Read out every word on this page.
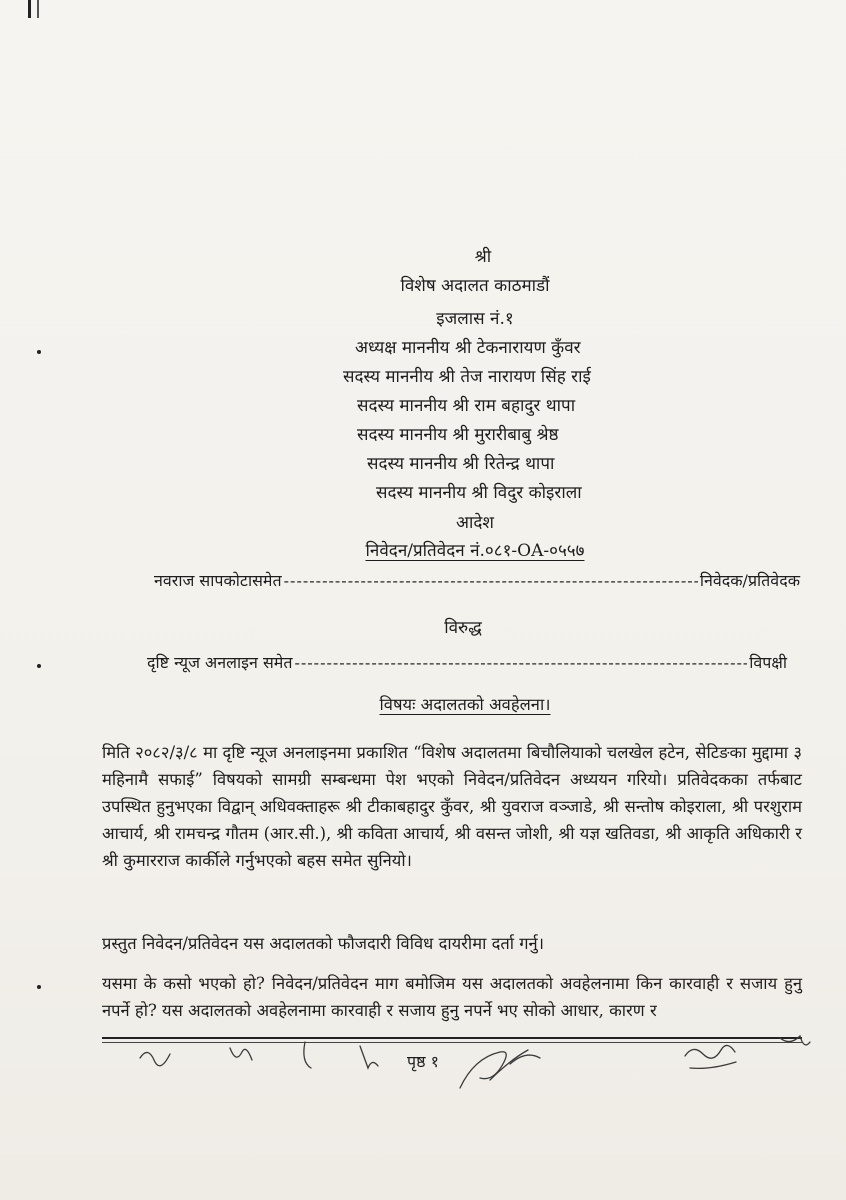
श्री
विशेष अदालत काठमाडौं
इजलास नं.१
अध्यक्ष माननीय श्री टेकनारायण कुँवर
सदस्य माननीय श्री तेज नारायण सिंह राई
सदस्य माननीय श्री राम बहादुर थापा
सदस्य माननीय श्री मुरारीबाबु श्रेष्ठ
सदस्य माननीय श्री रितेन्द्र थापा
सदस्य माननीय श्री विदुर कोइराला
आदेश
निवेदन/प्रतिवेदन नं.०८१-OA-०५५७
नवराज सापकोटासमेत -----	निवेदक/प्रतिवेदक
विरुद्ध
दृष्टि न्यूज अनलाइन समेत -----	विपक्षी
विषयः अदालतको अवहेलना।
मिति २०८२/३/८ मा दृष्टि न्यूज अनलाइनमा प्रकाशित “विशेष अदालतमा बिचौलियाको चलखेल हटेन, सेटिङका मुद्दामा ३ महिनामै सफाई” विषयको सामग्री सम्बन्धमा पेश भएको निवेदन/प्रतिवेदन अध्ययन गरियो। प्रतिवेदकका तर्फबाट उपस्थित हुनुभएका विद्वान् अधिवक्ताहरू श्री टीकाबहादुर कुँवर, श्री युवराज वञ्जाडे, श्री सन्तोष कोइराला, श्री परशुराम आचार्य, श्री रामचन्द्र गौतम (आर.सी.), श्री कविता आचार्य, श्री वसन्त जोशी, श्री यज्ञ खतिवडा, श्री आकृति अधिकारी र श्री कुमारराज कार्कीले गर्नुभएको बहस समेत सुनियो।
प्रस्तुत निवेदन/प्रतिवेदन यस अदालतको फौजदारी विविध दायरीमा दर्ता गर्नु।
यसमा के कसो भएको हो? निवेदन/प्रतिवेदन माग बमोजिम यस अदालतको अवहेलनामा किन कारवाही र सजाय हुनु नपर्ने हो? यस अदालतको अवहेलनामा कारवाही र सजाय हुनु नपर्ने भए सोको आधार, कारण र
पृष्ठ १
